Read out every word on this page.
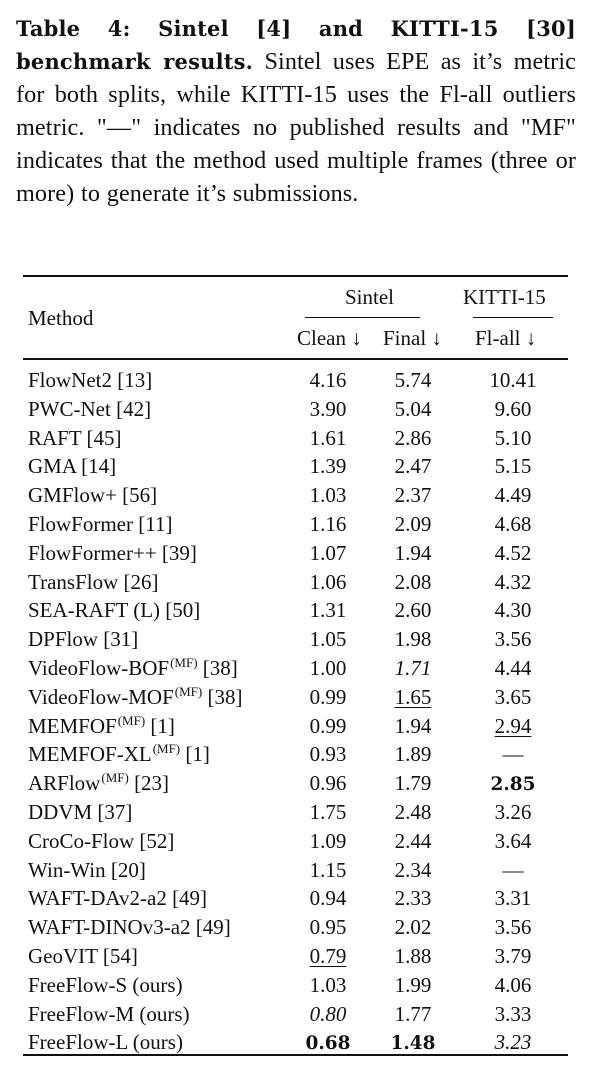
Table 4: Sintel [4] and KITTI-15 [30] benchmark results. Sintel uses EPE as it’s metric for both splits, while KITTI-15 uses the Fl-all outliers metric. "—" indicates no published results and "MF" indicates that the method used multiple frames (three or more) to generate it’s submissions.
Method
Sintel	KITTI-15
Clean ↓ Final ↓ Fl-all ↓
FlowNet2 [13]	4.16	5.74	10.41
PWC-Net [42]	3.90	5.04	9.60
RAFT [45]	1.61	2.86	5.10
GMA [14]	1.39	2.47	5.15
GMFlow+ [56]	1.03	2.37	4.49
FlowFormer [11]	1.16	2.09	4.68
FlowFormer++ [39]	1.07	1.94	4.52
TransFlow [26]	1.06	2.08	4.32
SEA-RAFT (L) [50]	1.31	2.60	4.30
DPFlow [31]	1.05	1.98	3.56
VideoFlow-$BOF^{(MF)}$ [38]	1.00	1.71	4.44
VideoFlow-$MOF^{(MF)}$ [38]	0.99	1.65	3.65
$MEMFOF^{(MF)}$ [1]	0.99	1.94	2.94
MEMFOF-$XL^{(MF)}$ [1]	0.93	1.89	—
ARFlow$^{(MF)}$ [23]	0.96	1.79	2.85
DDVM [37]	1.75	2.48	3.26
CroCo-Flow [52]	1.09	2.44	3.64
Win-Win [20]	1.15	2.34	—
WAFT-DAv2-a2 [49]	0.94	2.33	3.31
WAFT-DINOv3-a2 [49]	0.95	2.02	3.56
GeoVIT [54]	0.79	1.88	3.79
FreeFlow-S (ours)	1.03	1.99	4.06
FreeFlow-M (ours)	0.80	1.77	3.33
FreeFlow-L (ours)	0.68	1.48	3.23
